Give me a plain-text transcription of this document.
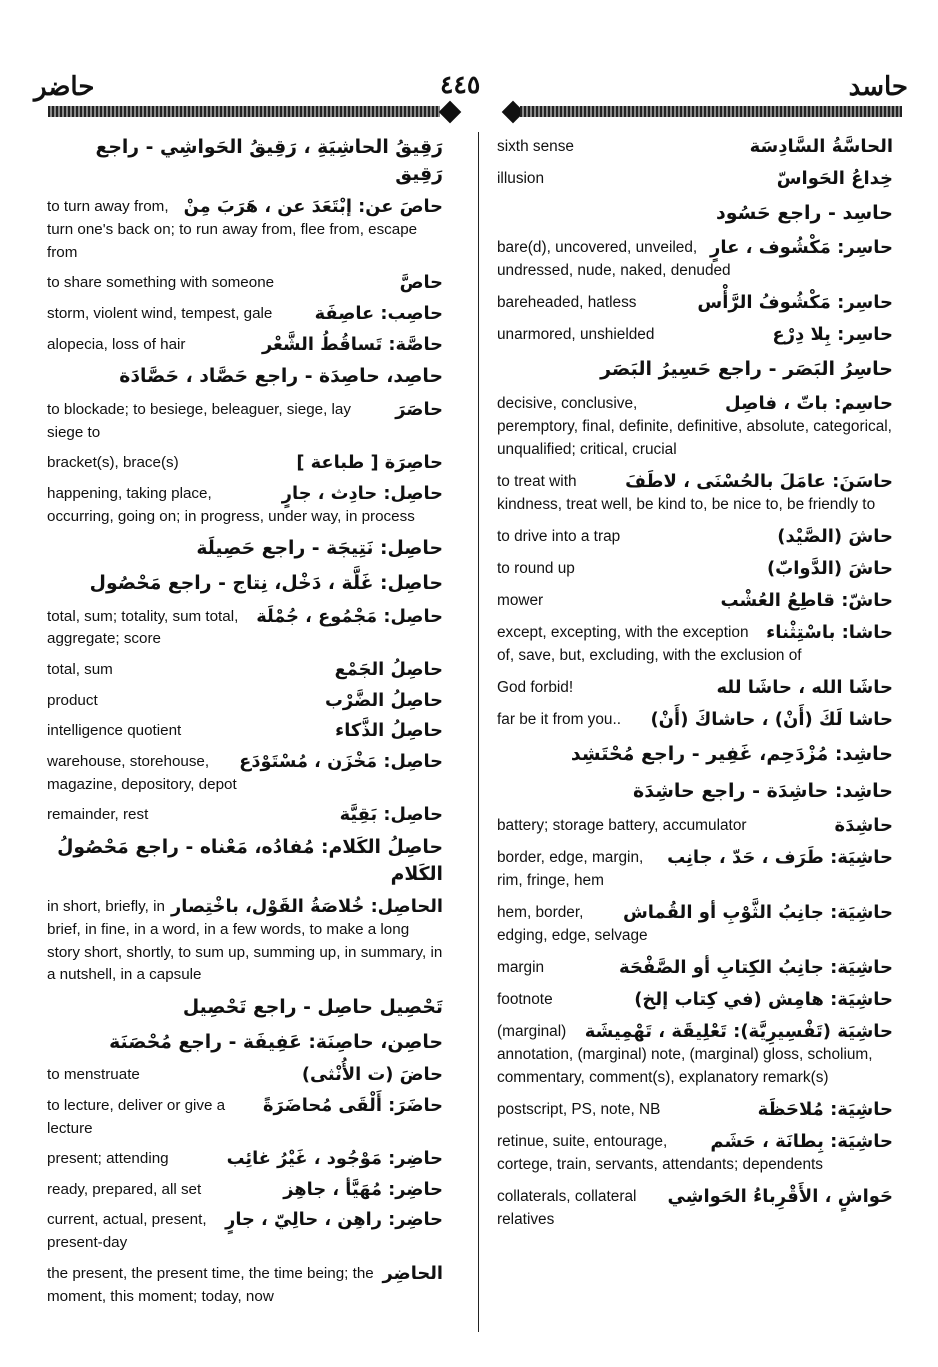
حاضر	٤٤٥	حاسد
رَقِيقُ الحاشِيَةِ ، رَقِيقُ الحَواشِي - راجع رَقِيق
حاصَ عن: إبْتَعَدَ عن ، هَرَبَ مِنْ
to turn away from, turn one's back on; to run away from, flee from, escape from
حاصَّ
to share something with someone
حاصِب: عاصِفَة
storm, violent wind, tempest, gale
حاصَّة: تَساقُطُ الشَّعْر
alopecia, loss of hair
حاصِد، حاصِدَة - راجع حَصَّاد ، حَصَّادَة
حاصَرَ
to blockade; to besiege, beleaguer, siege, lay siege to
حاصِرَة [ طباعة ]
bracket(s), brace(s)
حاصِل: حادِث ، جارٍ
happening, taking place, occurring, going on; in progress, under way, in process
حاصِل: نَتِيجَة - راجع حَصِيلَة
حاصِل: غَلَّة ، دَخْل، نِتاج - راجع مَحْصُول
حاصِل: مَجْمُوع ، جُمْلَة
total, sum; totality, sum total, aggregate; score
حاصِلُ الجَمْع
total, sum
حاصِلُ الضَّرْب
product
حاصِلُ الذَّكاء
intelligence quotient
حاصِل: مَخْزَن ، مُسْتَوْدَع
warehouse, storehouse, magazine, depository, depot
حاصِل: بَقِيَّة
remainder, rest
حاصِلُ الكَلام: مُفادُه، مَعْناه - راجع مَحْصُولُ الكَلام
الحاصِل: خُلاصَةُ القَوْل، باخْتِصار
in short, briefly, in brief, in fine, in a word, in a few words, to make a long story short, shortly, to sum up, summing up, in summary, in a nutshell, in a capsule
تَحْصِيل حاصِل - راجع تَحْصِيل
حاصِن، حاصِنَة: عَفِيفَة - راجع مُحْصَنَة
حاضَ (ت الأُنْثى)
to menstruate
حاضَرَ: أَلْقَى مُحاضَرَةً
to lecture, deliver or give a lecture
حاضِر: مَوْجُود ، غَيْرُ غائِب
present; attending
حاضِر: مُهَيَّأ ، جاهِز
ready, prepared, all set
حاضِر: راهِن ، حالِيّ ، جارٍ
current, actual, present, present-day
الحاضِر
the present, the present time, the time being; the moment, this moment; today, now
الحاسَّةُ السَّادِسَة
sixth sense
خِداعُ الحَواسّ
illusion
حاسِد - راجع حَسُود
حاسِر: مَكْشُوف ، عارٍ
bare(d), uncovered, unveiled, undressed, nude, naked, denuded
حاسِر: مَكْشُوفُ الرَّأْس
bareheaded, hatless
حاسِر: بِلا دِرْع
unarmored, unshielded
حاسِرُ البَصَر - راجع حَسِيرُ البَصَر
حاسِم: باتّ ، فاصِل
decisive, conclusive, peremptory, final, definite, definitive, absolute, categorical, unqualified; critical, crucial
حاسَنَ: عامَلَ بالحُسْنَى ، لاطَفَ
to treat with kindness, treat well, be kind to, be nice to, be friendly to
حاشَ (الصَّيْد)
to drive into a trap
حاشَ (الدَّوابّ)
to round up
حاشّ: قاطِعُ العُشْب
mower
حاشا: باسْتِثْناء
except, excepting, with the exception of, save, but, excluding, with the exclusion of
حاشَا الله ، حاشَا لله
God forbid!
حاشا لَكَ (أَنْ) ، حاشاكَ (أَنْ)
far be it from you..
حاشِد: مُزْدَحِم، غَفِير - راجع مُحْتَشِد
حاشِد: حاشِدَة - راجع حاشِدَة
حاشِدَة
battery; storage battery, accumulator
حاشِيَة: طَرَف ، حَدّ ، جانِب
border, edge, margin, rim, fringe, hem
حاشِيَة: جانِبُ الثَّوْبِ أو القُماش
hem, border, edging, edge, selvage
حاشِيَة: جانِبُ الكِتابِ أو الصَّفْحَة
margin
حاشِيَة: هامِش (في كِتاب إلخ)
footnote
حاشِيَة (تَفْسِيرِيَّة): تَعْلِيقَة ، تَهْمِيشَة
(marginal) annotation, (marginal) note, (marginal) gloss, scholium, commentary, comment(s), explanatory remark(s)
حاشِيَة: مُلاحَظَة
postscript, PS, note, NB
حاشِيَة: بِطانَة ، حَشَم
retinue, suite, entourage, cortege, train, servants, attendants; dependents
حَواشٍ ، الأَقْرِباءُ الحَواشِي
collaterals, collateral relatives
